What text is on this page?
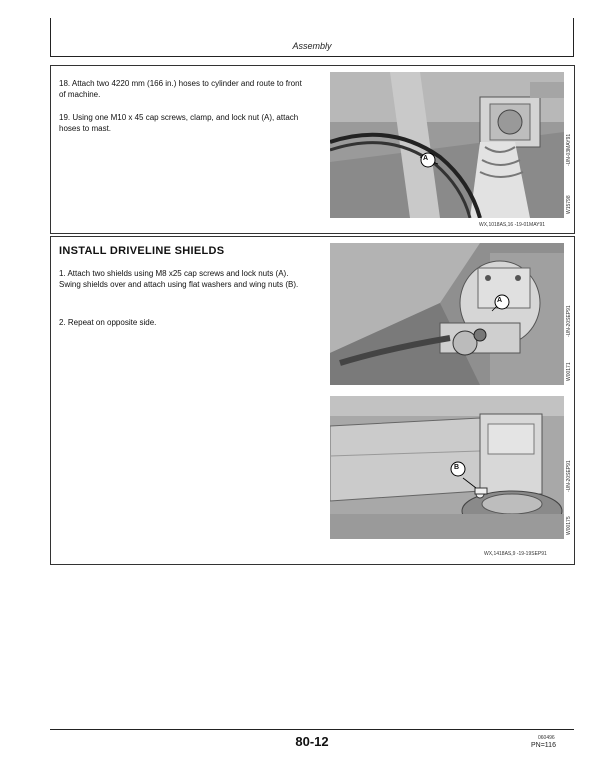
Assembly
18. Attach two 4220 mm (166 in.) hoses to cylinder and route to front of machine.
19. Using one M10 x 45 cap screws, clamp, and lock nut (A), attach hoses to mast.
A	-UN-03MAY91
W15798
WX,1018AS,16 -19-01MAY91
INSTALL DRIVELINE SHIELDS
1. Attach two shields using M8 x25 cap screws and lock nuts (A). Swing shields over and attach using flat washers and wing nuts (B).
2. Repeat on opposite side.
A
-UN-20SEP91
W00171
B	-UN-20SEP91
W00175
WX,1418AS,9 -19-19SEP91
80-12	060496
PN=116
